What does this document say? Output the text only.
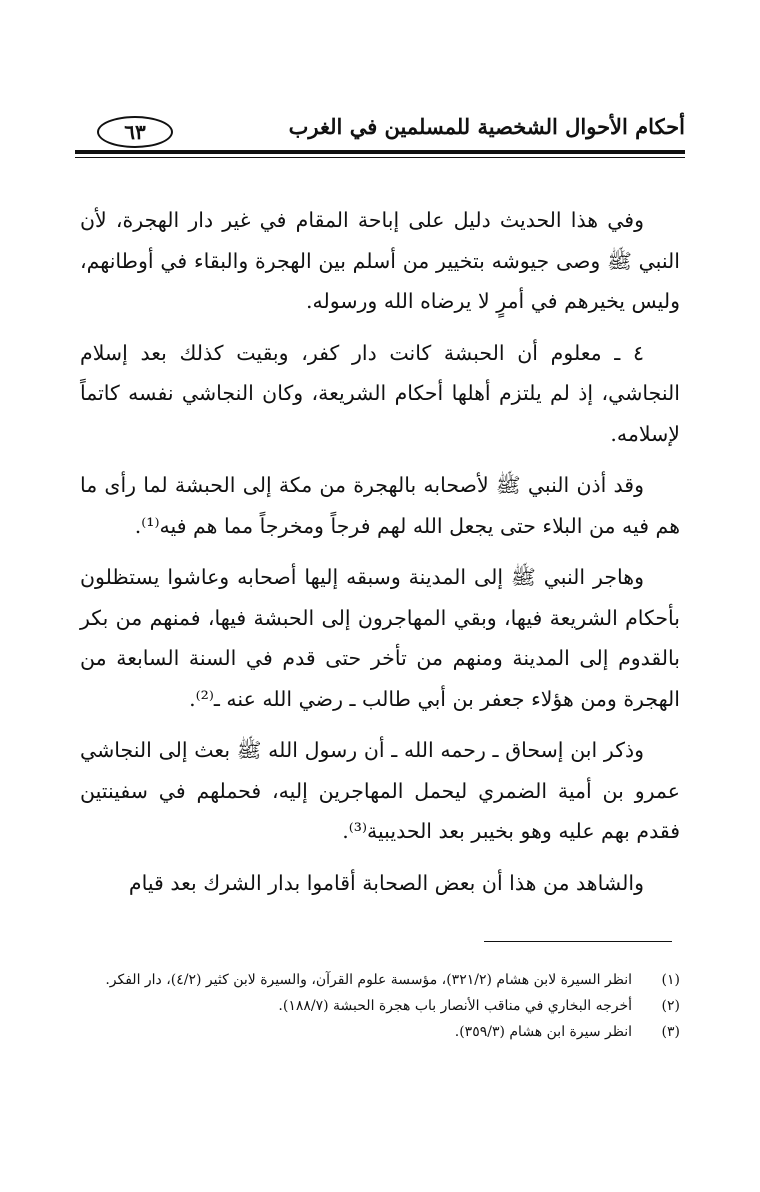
أحكام الأحوال الشخصية للمسلمين في الغرب
٦٣

وفي هذا الحديث دليل على إباحة المقام في غير دار الهجرة، لأن النبي ﷺ وصى جيوشه بتخيير من أسلم بين الهجرة والبقاء في أوطانهم، وليس يخيرهم في أمرٍ لا يرضاه الله ورسوله.

٤ ـ معلوم أن الحبشة كانت دار كفر، وبقيت كذلك بعد إسلام النجاشي، إذ لم يلتزم أهلها أحكام الشريعة، وكان النجاشي نفسه كاتماً لإسلامه.

وقد أذن النبي ﷺ لأصحابه بالهجرة من مكة إلى الحبشة لما رأى ما هم فيه من البلاء حتى يجعل الله لهم فرجاً ومخرجاً مما هم فيه⁽¹⁾.

وهاجر النبي ﷺ إلى المدينة وسبقه إليها أصحابه وعاشوا يستظلون بأحكام الشريعة فيها، وبقي المهاجرون إلى الحبشة فيها، فمنهم من بكر بالقدوم إلى المدينة ومنهم من تأخر حتى قدم في السنة السابعة من الهجرة ومن هؤلاء جعفر بن أبي طالب ـ رضي الله عنه ـ⁽²⁾.

وذكر ابن إسحاق ـ رحمه الله ـ أن رسول الله ﷺ بعث إلى النجاشي عمرو بن أمية الضمري ليحمل المهاجرين إليه، فحملهم في سفينتين فقدم بهم عليه وهو بخيبر بعد الحديبية⁽³⁾.

والشاهد من هذا أن بعض الصحابة أقاموا بدار الشرك بعد قيام

(١)
انظر السيرة لابن هشام (٣٢١/٢)، مؤسسة علوم القرآن، والسيرة لابن كثير (٤/٢)، دار الفكر.
(٢)
أخرجه البخاري في مناقب الأنصار باب هجرة الحبشة (١٨٨/٧).
(٣)
انظر سيرة ابن هشام (٣٥٩/٣).
